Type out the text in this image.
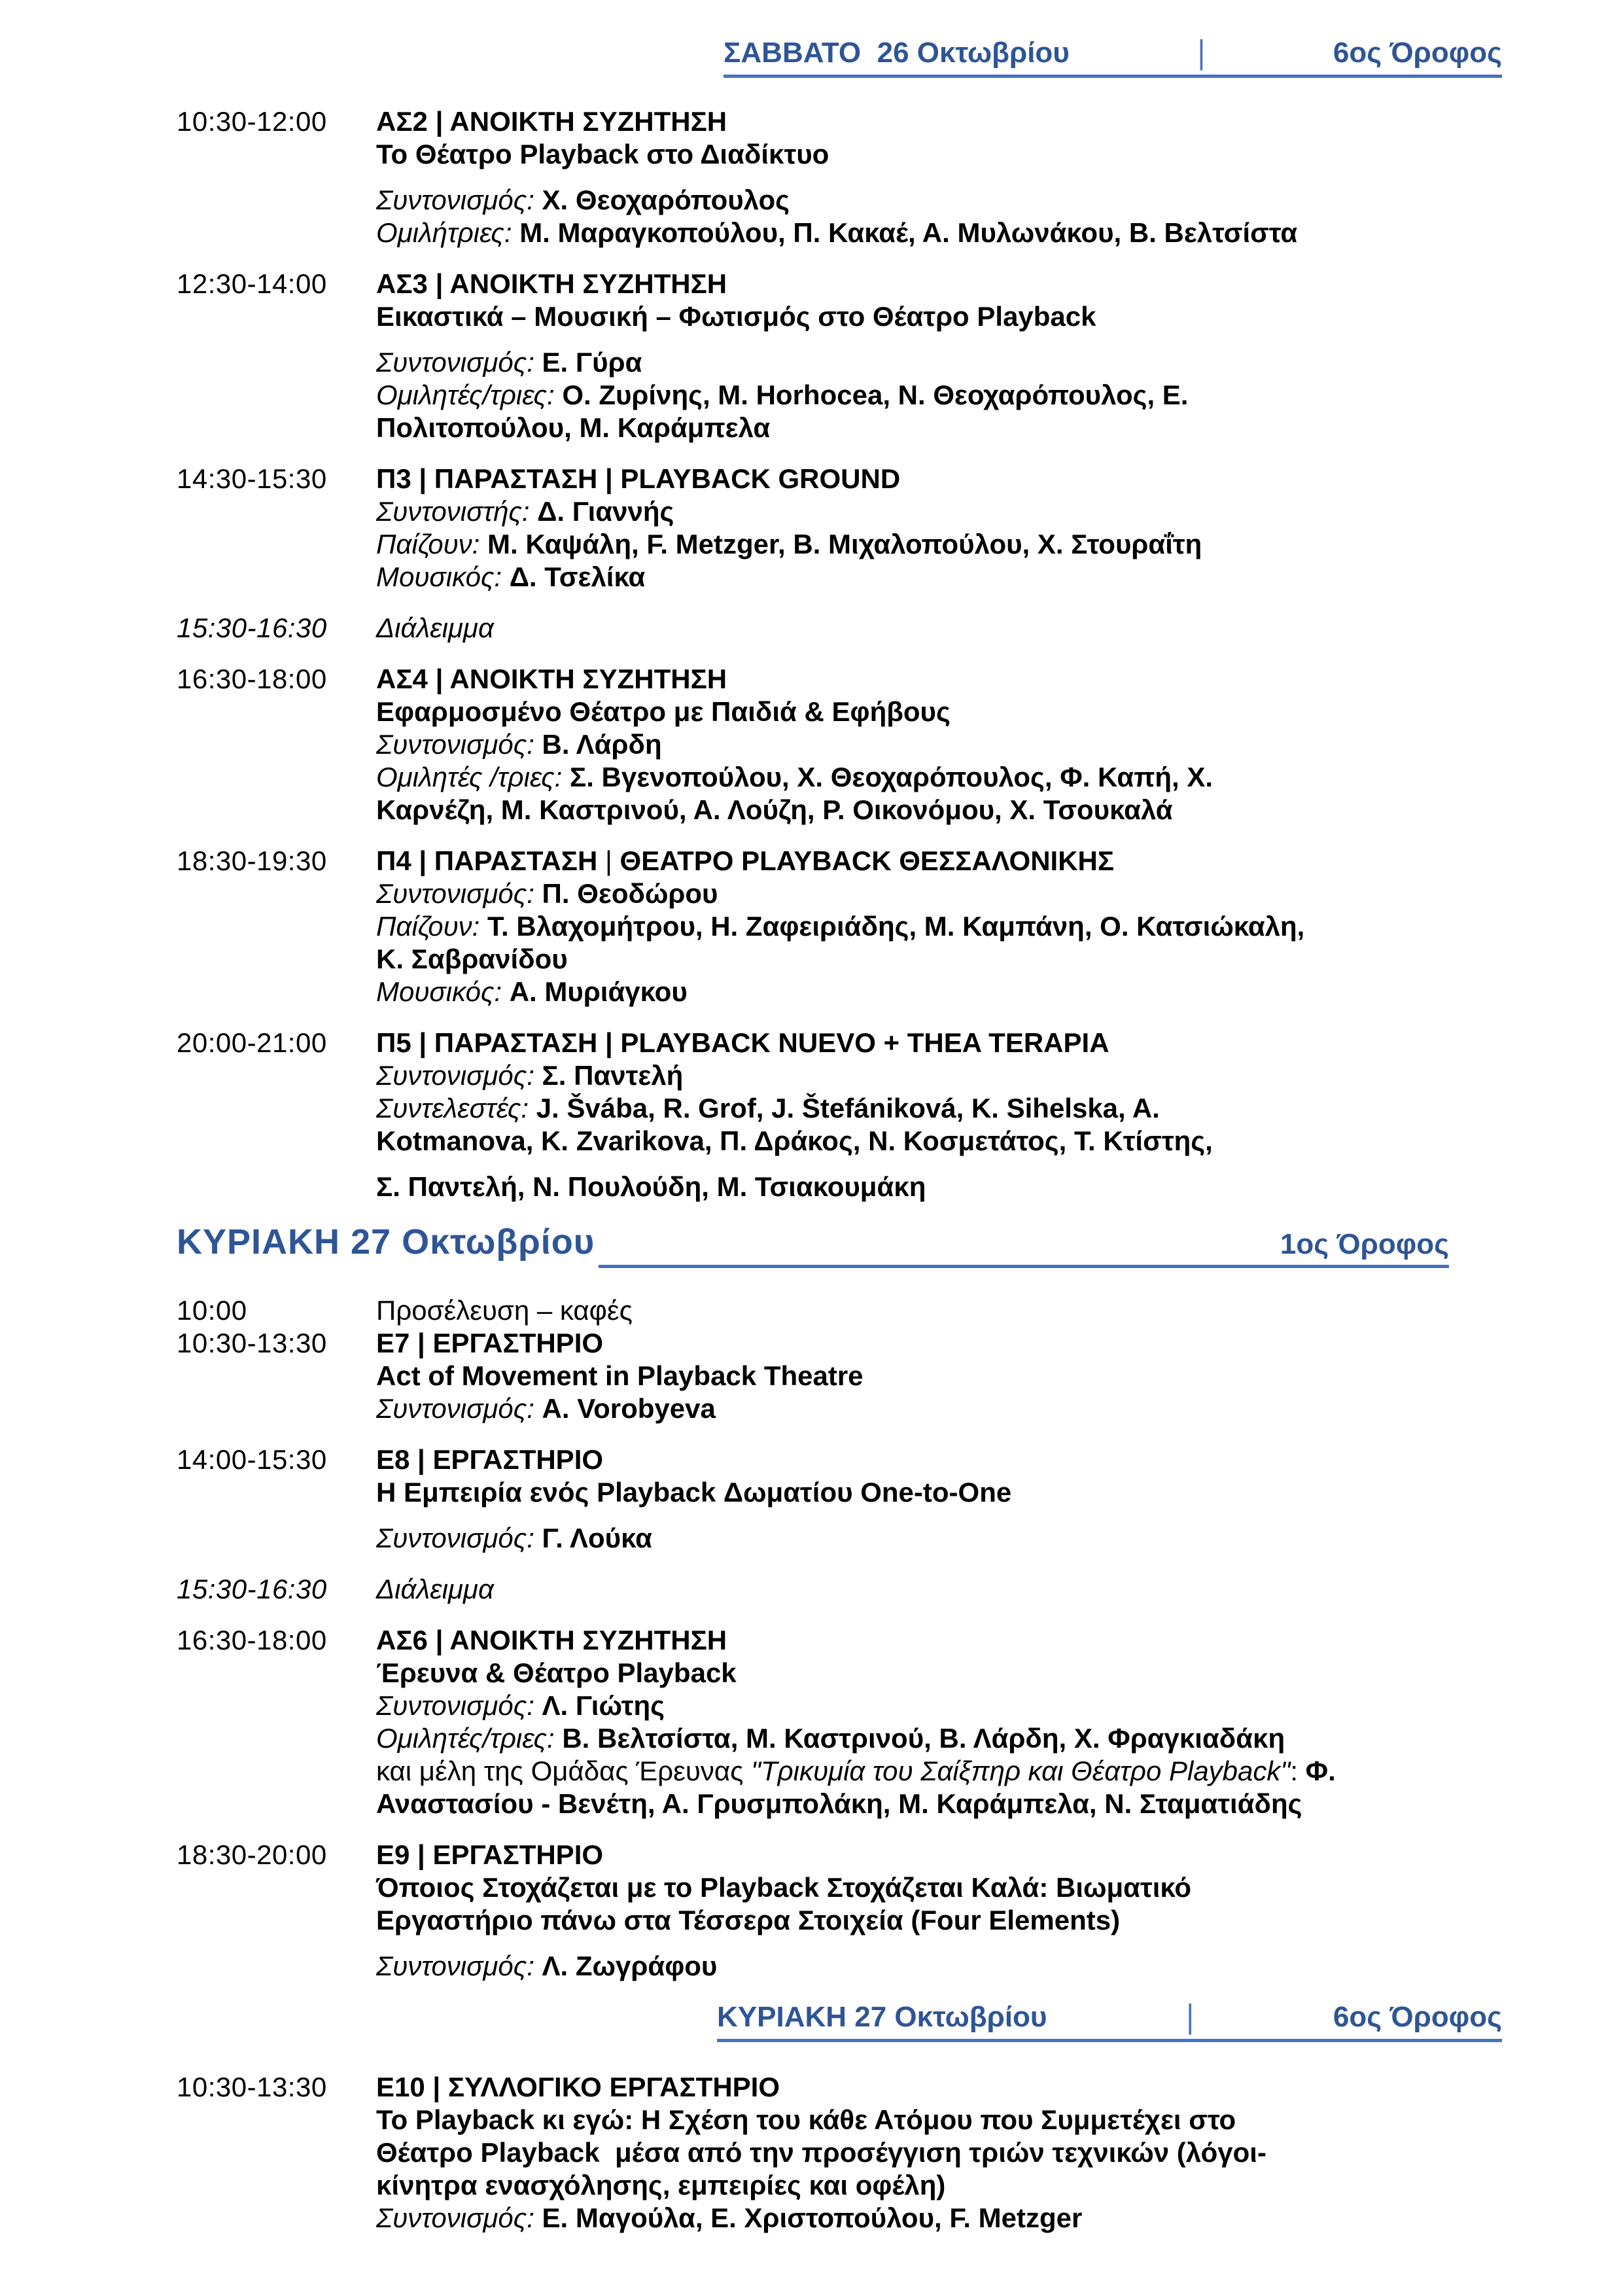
ΣΑΒΒΑΤΟ  26 Οκτωβρίου	|	6ος Όροφος
10:30-12:00	ΑΣ2 | ΑΝΟΙΚΤΗ ΣΥΖΗΤΗΣΗ
Το Θέατρο Playback στο Διαδίκτυο
Συντονισμός: Χ. Θεοχαρόπουλος
Ομιλήτριες: Μ. Μαραγκοπούλου, Π. Κακαέ, Α. Μυλωνάκου, Β. Βελτσίστα
12:30-14:00	ΑΣ3 | ΑΝΟΙΚΤΗ ΣΥΖΗΤΗΣΗ
Εικαστικά – Μουσική – Φωτισμός στο Θέατρο Playback
Συντονισμός: Ε. Γύρα
Ομιλητές/τριες: Ο. Ζυρίνης, Μ. Horhocea, Ν. Θεοχαρόπουλος, Ε.
Πολιτοπούλου, Μ. Καράμπελα
14:30-15:30	Π3 | ΠΑΡΑΣΤΑΣΗ | PLAYBACK GROUND
Συντονιστής: Δ. Γιαννής
Παίζουν: Μ. Καψάλη, F. Metzger, Β. Μιχαλοπούλου, Χ. Στουραΐτη
Μουσικός: Δ. Τσελίκα
15:30-16:30	Διάλειμμα
16:30-18:00	ΑΣ4 | ΑΝΟΙΚΤΗ ΣΥΖΗΤΗΣΗ
Εφαρμοσμένο Θέατρο με Παιδιά & Εφήβους
Συντονισμός: Β. Λάρδη
Ομιλητές /τριες: Σ. Βγενοπούλου, Χ. Θεοχαρόπουλος, Φ. Καπή, Χ.
Καρνέζη, Μ. Καστρινού, Α. Λούζη, Ρ. Οικονόμου, Χ. Τσουκαλά
18:30-19:30	Π4 | ΠΑΡΑΣΤΑΣΗ | ΘΕΑΤΡΟ PLAYBACK ΘΕΣΣΑΛΟΝΙΚΗΣ
Συντονισμός: Π. Θεοδώρου
Παίζουν: Τ. Βλαχομήτρου, Η. Ζαφειριάδης, Μ. Καμπάνη, Ο. Κατσιώκαλη,
Κ. Σαβρανίδου
Μουσικός: Α. Μυριάγκου
20:00-21:00	Π5 | ΠΑΡΑΣΤΑΣΗ | PLAYBACK NUEVO + THEA TERAPIA
Συντονισμός: Σ. Παντελή
Συντελεστές: J. Švába, R. Grof, J. Štefániková, K. Sihelska, A.
Kotmanova, K. Zvarikova, Π. Δράκος, Ν. Κοσμετάτος, Τ. Κτίστης,
Σ. Παντελή, Ν. Πουλούδη, Μ. Τσιακουμάκη
ΚΥΡΙΑΚΗ 27 Οκτωβρίου	1ος Όροφος
10:00	Προσέλευση – καφές
10:30-13:30	Ε7 | ΕΡΓΑΣΤΗΡΙΟ
Act of Movement in Playback Theatre
Συντονισμός: A. Vorobyeva
14:00-15:30	Ε8 | ΕΡΓΑΣΤΗΡΙΟ
Η Εμπειρία ενός Playback Δωματίου One-to-One
Συντονισμός: Γ. Λούκα
15:30-16:30	Διάλειμμα
16:30-18:00	ΑΣ6 | ΑΝΟΙΚΤΗ ΣΥΖΗΤΗΣΗ
Έρευνα & Θέατρο Playback
Συντονισμός: Λ. Γιώτης
Ομιλητές/τριες: Β. Βελτσίστα, Μ. Καστρινού, Β. Λάρδη, Χ. Φραγκιαδάκη
και μέλη της Ομάδας Έρευνας "Τρικυμία του Σαίξπηρ και Θέατρο Playback": Φ.
Αναστασίου - Βενέτη, Α. Γρυσμπολάκη, Μ. Καράμπελα, Ν. Σταματιάδης
18:30-20:00	Ε9 | ΕΡΓΑΣΤΗΡΙΟ
Όποιος Στοχάζεται με το Playback Στοχάζεται Καλά: Βιωματικό
Εργαστήριο πάνω στα Τέσσερα Στοιχεία (Four Elements)
Συντονισμός: Λ. Ζωγράφου
ΚΥΡΙΑΚΗ 27 Οκτωβρίου	|	6ος Όροφος
10:30-13:30	Ε10 | ΣΥΛΛΟΓΙΚΟ ΕΡΓΑΣΤΗΡΙΟ
Το Playback κι εγώ: Η Σχέση του κάθε Ατόμου που Συμμετέχει στο
Θέατρο Playback  μέσα από την προσέγγιση τριών τεχνικών (λόγοι-
κίνητρα ενασχόλησης, εμπειρίες και οφέλη)
Συντονισμός: Ε. Μαγούλα, Ε. Χριστοπούλου, F. Metzger
